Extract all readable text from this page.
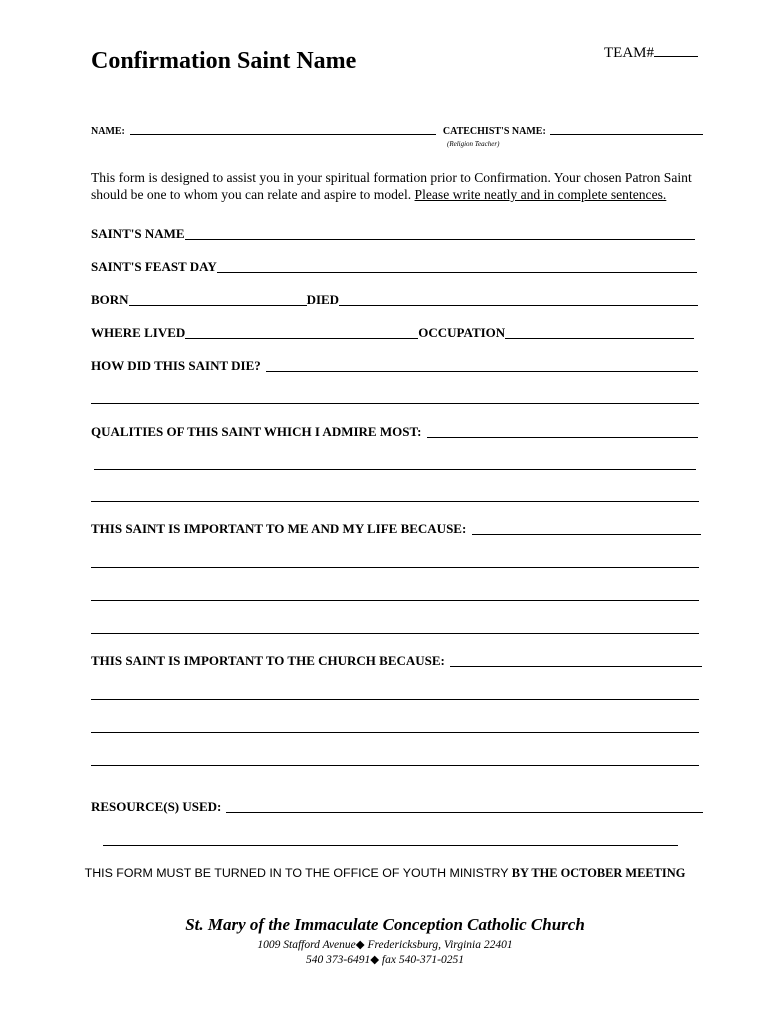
Confirmation Saint Name	TEAM#
NAME:	CATECHIST'S NAME:
(Religion Teacher)
This form is designed to assist you in your spiritual formation prior to Confirmation. Your chosen Patron Saint should be one to whom you can relate and aspire to model. Please write neatly and in complete sentences.
SAINT'S NAME
SAINT'S FEAST DAY
BORN	DIED
WHERE LIVED	OCCUPATION
HOW DID THIS SAINT DIE?
QUALITIES OF THIS SAINT WHICH I ADMIRE MOST:
THIS SAINT IS IMPORTANT TO ME AND MY LIFE BECAUSE:
THIS SAINT IS IMPORTANT TO THE CHURCH BECAUSE:
RESOURCE(S) USED:
THIS FORM MUST BE TURNED IN TO THE OFFICE OF YOUTH MINISTRY BY THE OCTOBER MEETING
St. Mary of the Immaculate Conception Catholic Church
1009 Stafford Avenue◆ Fredericksburg, Virginia 22401
540 373-6491◆ fax 540-371-0251
